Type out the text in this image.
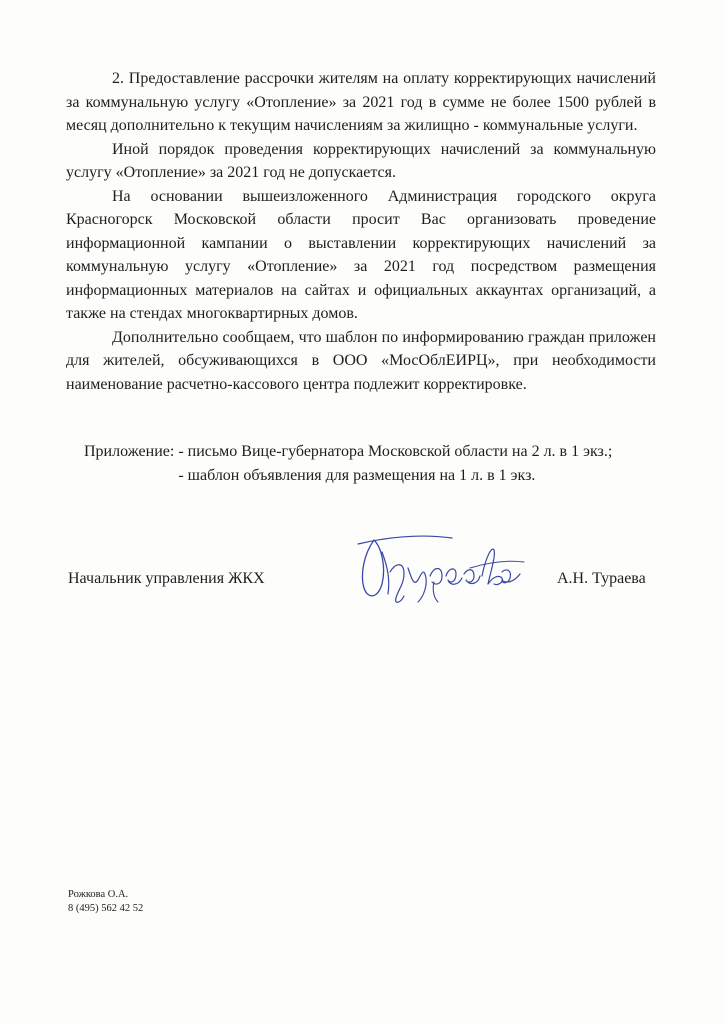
2. Предоставление рассрочки жителям на оплату корректирующих начислений за коммунальную услугу «Отопление» за 2021 год в сумме не более 1500 рублей в месяц дополнительно к текущим начислениям за жилищно - коммунальные услуги.

Иной порядок проведения корректирующих начислений за коммунальную услугу «Отопление» за 2021 год не допускается.

На основании вышеизложенного Администрация городского округа Красногорск Московской области просит Вас организовать проведение информационной кампании о выставлении корректирующих начислений за коммунальную услугу «Отопление» за 2021 год посредством размещения информационных материалов на сайтах и официальных аккаунтах организаций, а также на стендах многоквартирных домов.

Дополнительно сообщаем, что шаблон по информированию граждан приложен для жителей, обсуживающихся в ООО «МосОблЕИРЦ», при необходимости наименование расчетно-кассового центра подлежит корректировке.

Приложение: - письмо Вице-губернатора Московской области на 2 л. в 1 экз.;
- шаблон объявления для размещения на 1 л. в 1 экз.
Начальник управления ЖКХ	А.Н. Тураева
Рожкова О.А.
8 (495) 562 42 52
